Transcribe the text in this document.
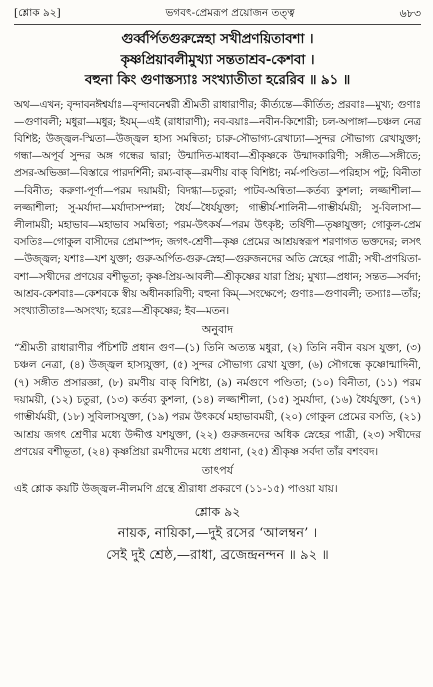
[শ্লোক ৯২]	ভগবৎ-প্রেমরূপ প্রয়োজন তত্ত্ব	৬৮৩
গুর্ব্বর্পিতগুরুস্নেহা সখীপ্রণয়িতাবশা ।
কৃষ্ণপ্রিয়াবলীমুখ্যা সন্ততাশ্রব-কেশবা ।
বহুনা কিং গুণাস্তস্যাঃ সংখ্যাতীতা হরেরিব ॥ ৯১ ॥
অথ—এখন; বৃন্দাবনঈশ্বর্যাঃ—বৃন্দাবনেশ্বরী শ্রীমতী রাধারাণীর; কীর্ত্যন্তে—কীর্তিত; প্ররবাঃ—মুখ্য; গুণাঃ—গুণাবলী; মধুরা—মধুর; ইযম্—এই (রাধারাণী); নব-বয়াঃ—নবীন-কিশোরী; চল-অপাঙ্গা—চঞ্চল নেত্র বিশিষ্ট; উজ্জ্বল-স্মিতা—উজ্জ্বল হাস্য সমন্বিতা; চারু-সৌভাগ্য-রেখাঢ্যা—সুন্দর সৌভাগ্য রেখাযুক্তা; গন্ধা—অপূর্ব সুন্দর অঙ্গ গন্ধের দ্বারা; উন্মাদিত-মাধবা—শ্রীকৃষ্ণকে উন্মাদকারিণী; সঙ্গীত—সঙ্গীতে; প্রসর-অভিজ্ঞা—বিস্তারে পারদর্শিনী; রম্য-বাক্—রমণীয় বাক্ বিশিষ্টা; নর্ম-পণ্ডিতা—পরিহাস পটু; বিনীতা—বিনীত; করুণা-পূর্ণা—পরম দয়াময়ী; বিদগ্ধা—চতুরা; পাটব-অন্বিতা—কর্তব্য কুশলা; লজ্জাশীলা—লজ্জাশীলা; সু-মর্যাদা—মর্যাদাসম্পন্না; ধৈর্য—ধৈর্যযুক্তা; গাম্ভীর্য-শালিনী—গাম্ভীর্যময়ী; সু-বিলাসা—লীলাময়ী; মহাভাব—মহাভাব সমন্বিতা; পরম-উৎকর্ষ—পরম উৎকৃষ্ট; তর্ষিণী—তৃষ্ণাযুক্তা; গোকুল-প্রেম বসতিঃ—গোকুল বাসীদের প্রেমাস্পদ; জগৎ-শ্রেণী—কৃষ্ণ প্রেমের আশ্রয়স্বরূপ শরণাগত ভক্তদের; লসৎ—উজ্জ্বল; যশাঃ—যশ যুক্তা; গুরু-অর্পিত-গুরু-স্নেহা—গুরুজনদের অতি স্নেহের পাত্রী; সখী-প্রণয়িতা-বশা—সখীদের প্রণয়ের বশীভূতা; কৃষ্ণ-প্রিয়-আবলী—শ্রীকৃষ্ণের যারা প্রিয়; মুখ্যা—প্রধান; সন্তত—সর্বদা; আশ্রব-কেশবাঃ—কেশবকে স্বীয় অধীনকারিণী; বহুনা কিম্—সংক্ষেপে; গুণাঃ—গুণাবলী; তস্যাঃ—তাঁর; সংখ্যাতীতাঃ—অসংখ্য; হরেঃ—শ্রীকৃষ্ণের; ইব—মতন।
অনুবাদ
“শ্রীমতী রাধারাণীর পঁচিশটি প্রধান গুণ—(১) তিনি অত্যন্ত মধুরা, (২) তিনি নবীন বয়স যুক্তা, (৩) চঞ্চল নেত্রা, (৪) উজ্জ্বল হাস্যযুক্তা, (৫) সুন্দর সৌভাগ্য রেখা যুক্তা, (৬) সৌগন্ধে কৃষ্ণোন্মাদিনী, (৭) সঙ্গীত প্রসারজ্ঞা, (৮) রমণীয় বাক্ বিশিষ্টা, (৯) নর্মগুণে পণ্ডিতা; (১০) বিনীতা, (১১) পরম দয়াময়ী, (১২) চতুরা, (১৩) কর্তব্য কুশলা, (১৪) লজ্জাশীলা, (১৫) সুমর্যাদা, (১৬) ধৈর্যযুক্তা, (১৭) গাম্ভীর্যময়ী, (১৮) সুবিলাসযুক্তা, (১৯) পরম উৎকর্ষে মহাভাবময়ী, (২০) গোকুল প্রেমের বসতি, (২১) আশ্রয় জগৎ শ্রেণীর মধ্যে উদ্দীপ্ত যশযুক্তা, (২২) গুরুজনদের অধিক স্নেহের পাত্রী, (২৩) সখীদের প্রণয়ের বশীভূতা, (২৪) কৃষ্ণপ্রিয়া রমণীদের মধ্যে প্রধানা, (২৫) শ্রীকৃষ্ণ সর্বদা তাঁর বশংবদ।
তাৎপর্য
এই শ্লোক কয়টি উজ্জ্বল-নীলমণি গ্রন্থে শ্রীরাধা প্রকরণে (১১-১৫) পাওয়া যায়।
শ্লোক ৯২
নায়ক, নায়িকা,—দুই রসের ‘আলম্বন’ ।
সেই দুই শ্রেষ্ঠ,—রাধা, ব্রজেন্দ্রনন্দন ॥ ৯২ ॥
